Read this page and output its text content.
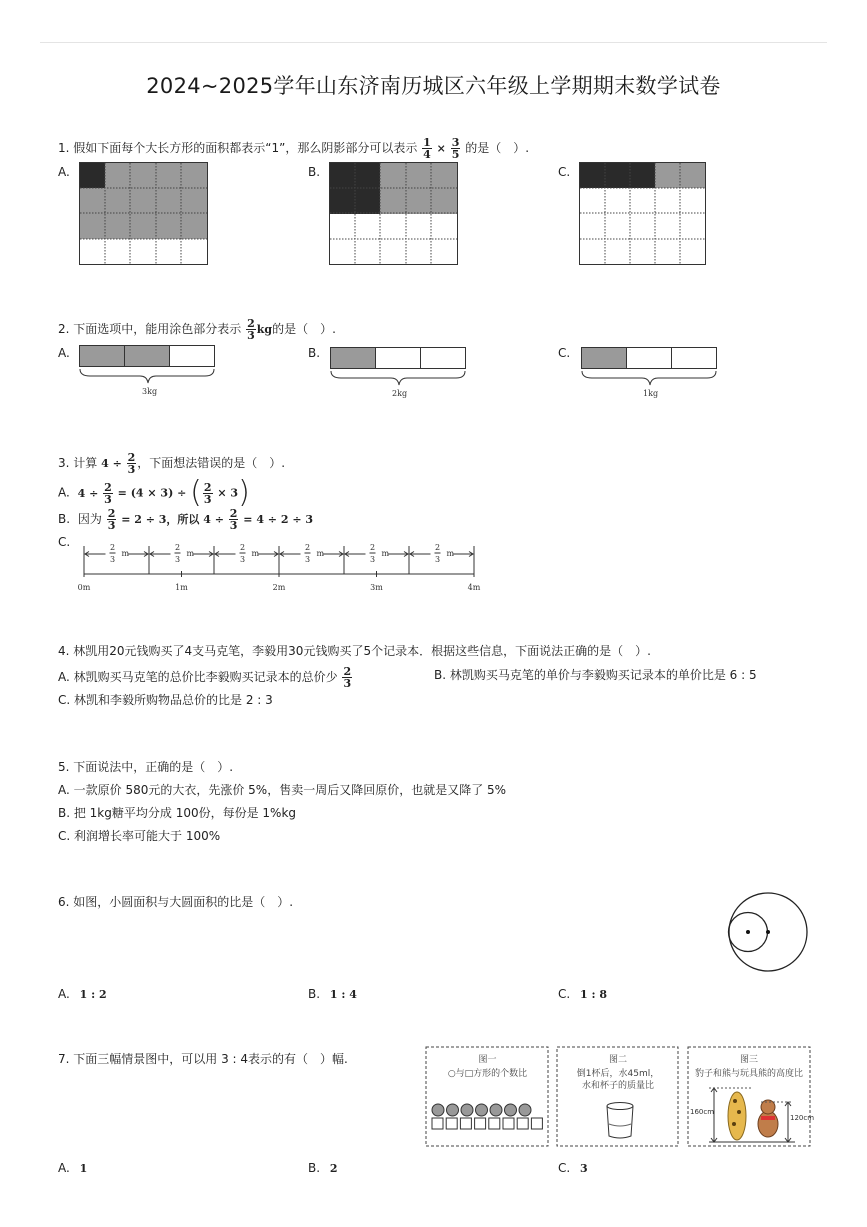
2024~2025学年山东济南历城区六年级上学期期末数学试卷
1. 假如下面每个大长方形的面积都表示“1”，那么阴影部分可以表示 $\frac{1}{4} \times \frac{3}{5}$ 的是（　）.
A.	B.	C.
2. 下面选项中，能用涂色部分表示 $\frac{2}{3}$ kg的是（　）.
A.
3kg
B.
2kg
C.
1kg
3. 计算 $4 \div \frac{2}{3}$ ，下面想法错误的是（　）.
A. $4 \div \frac{2}{3} = (4 \times 3)$ ÷ ( $\frac{2}{3} \times 3$)
B. 因为 $\frac{2}{3} = 2 \div 3$，所以 $4 \div \frac{2}{3} = 4 \div 2 \div 3$
C.	2
3
m
2
3
m
2
3
m
2
3
m
2
3
m
2
3
m
0m	1m	2m	3m	4m
4. 林凯用20元钱购买了4支马克笔，李毅用30元钱购买了5个记录本．根据这些信息，下面说法正确的是（　）.
A. 林凯购买马克笔的总价比李毅购买记录本的总价少 $\frac{2}{3}$	B. 林凯购买马克笔的单价与李毅购买记录本的单价比是 6 : 5
C. 林凯和李毅所购物品总价的比是 2 : 3
5. 下面说法中，正确的是（　）.
A. 一款原价 580元的大衣，先涨价 5%，售卖一周后又降回原价，也就是又降了 5%
B. 把 1kg糖平均分成 100份，每份是 1%kg
C. 利润增长率可能大于 100%
6. 如图，小圆面积与大圆面积的比是（　）.
A. 1 : 2	B. 1 : 4	C. 1 : 8
7. 下面三幅情景图中，可以用 3 : 4表示的有（　）幅.	图一
○与□方形的个数比
图二
倒1杯后，水45ml，
水和杯子的质量比
图三
豹子和熊与玩具熊的高度比
160cm
120cm
A. 1	B. 2	C. 3
